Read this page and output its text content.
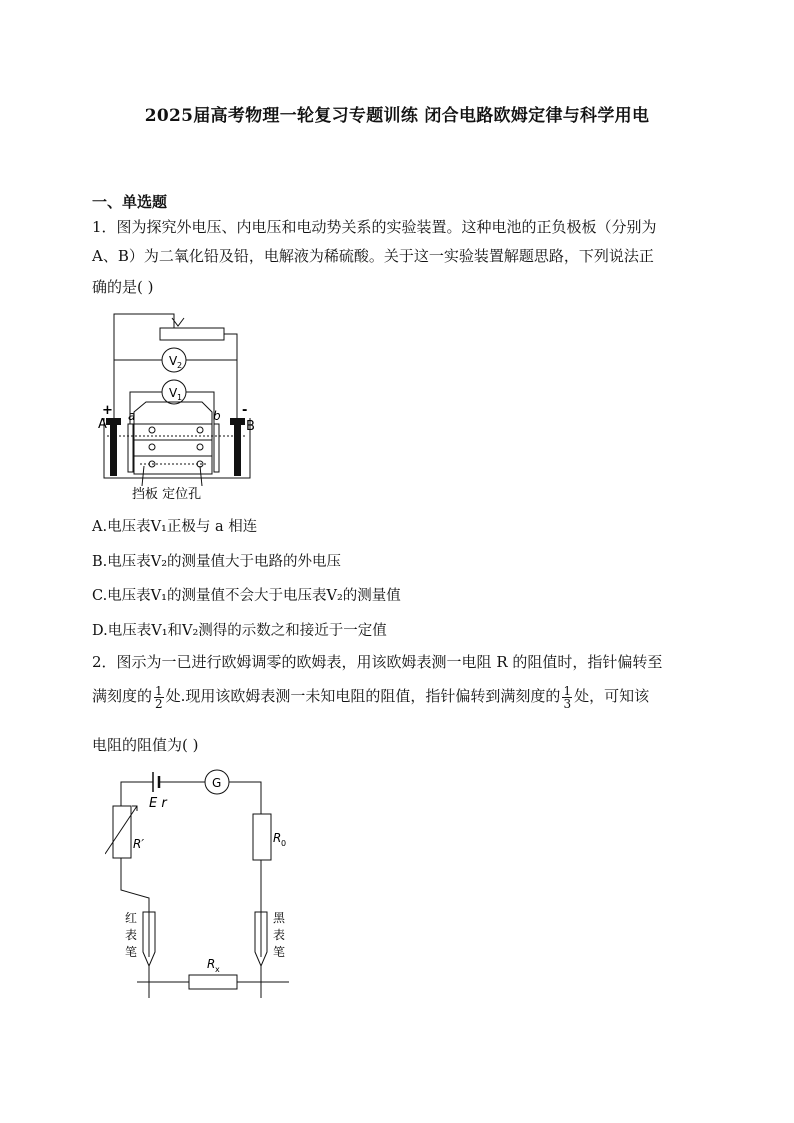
2025届高考物理一轮复习专题训练 闭合电路欧姆定律与科学用电
一、单选题
1．图为探究外电压、内电压和电动势关系的实验装置。这种电池的正负极板（分别为
A、B）为二氧化铅及铅，电解液为稀硫酸。关于这一实验装置解题思路，下列说法正
确的是( )
V 2
V 1
+	-
A	B
a	b
挡板 定位孔
A.电压表V₁正极与 a 相连
B.电压表V₂的测量值大于电路的外电压
C.电压表V₁的测量值不会大于电压表V₂的测量值
D.电压表V₁和V₂测得的示数之和接近于一定值
2．图示为一已进行欧姆调零的欧姆表，用该欧姆表测一电阻 R 的阻值时，指针偏转至
满刻度的 $\frac{1}{2}$ 处.现用该欧姆表测一未知电阻的阻值，指针偏转到满刻度的 $\frac{1}{3}$ 处，可知该
电阻的阻值为( )
G
E r
R′	R 0
R x
红
表
笔
黑
表
笔
